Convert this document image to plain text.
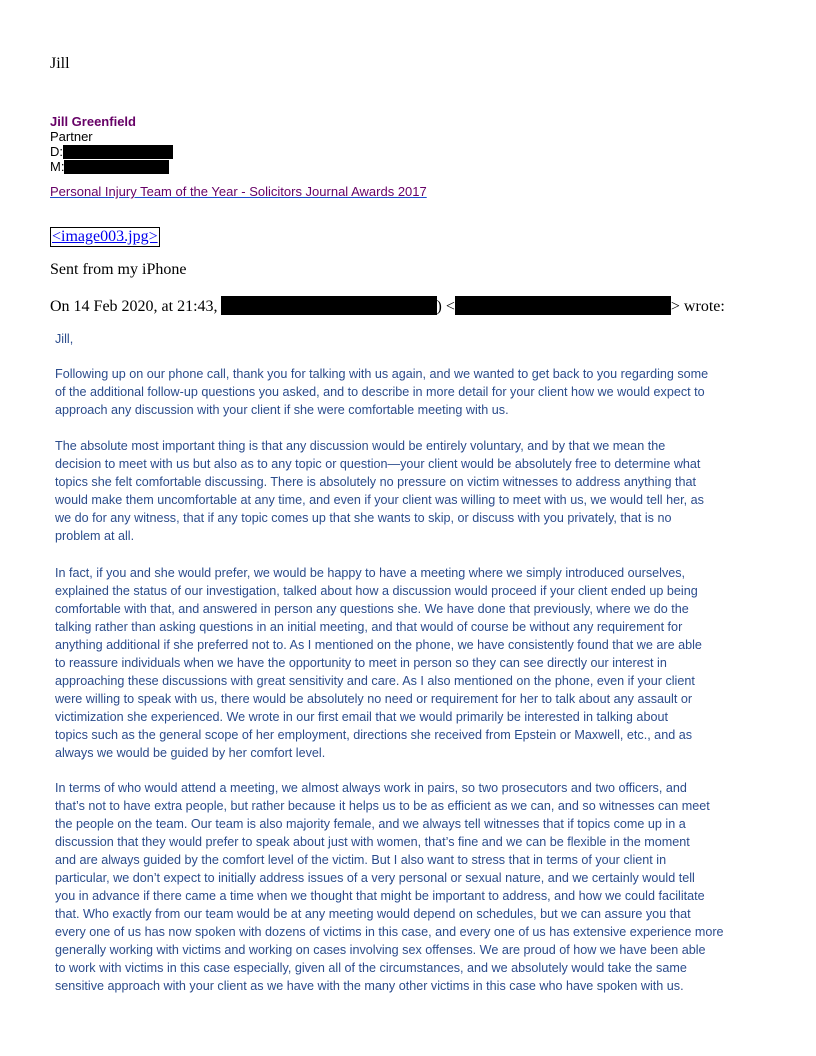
Jill
Jill Greenfield
Partner
D:
M:
Personal Injury Team of the Year - Solicitors Journal Awards 2017
<image003.jpg>
Sent from my iPhone
On 14 Feb 2020, at 21:43,	) <	> wrote:
Jill,
Following up on our phone call, thank you for talking with us again, and we wanted to get back to you regarding some
of the additional follow-up questions you asked, and to describe in more detail for your client how we would expect to
approach any discussion with your client if she were comfortable meeting with us.
The absolute most important thing is that any discussion would be entirely voluntary, and by that we mean the
decision to meet with us but also as to any topic or question—your client would be absolutely free to determine what
topics she felt comfortable discussing. There is absolutely no pressure on victim witnesses to address anything that
would make them uncomfortable at any time, and even if your client was willing to meet with us, we would tell her, as
we do for any witness, that if any topic comes up that she wants to skip, or discuss with you privately, that is no
problem at all.
In fact, if you and she would prefer, we would be happy to have a meeting where we simply introduced ourselves,
explained the status of our investigation, talked about how a discussion would proceed if your client ended up being
comfortable with that, and answered in person any questions she. We have done that previously, where we do the
talking rather than asking questions in an initial meeting, and that would of course be without any requirement for
anything additional if she preferred not to. As I mentioned on the phone, we have consistently found that we are able
to reassure individuals when we have the opportunity to meet in person so they can see directly our interest in
approaching these discussions with great sensitivity and care. As I also mentioned on the phone, even if your client
were willing to speak with us, there would be absolutely no need or requirement for her to talk about any assault or
victimization she experienced. We wrote in our first email that we would primarily be interested in talking about
topics such as the general scope of her employment, directions she received from Epstein or Maxwell, etc., and as
always we would be guided by her comfort level.
In terms of who would attend a meeting, we almost always work in pairs, so two prosecutors and two officers, and
that’s not to have extra people, but rather because it helps us to be as efficient as we can, and so witnesses can meet
the people on the team. Our team is also majority female, and we always tell witnesses that if topics come up in a
discussion that they would prefer to speak about just with women, that’s fine and we can be flexible in the moment
and are always guided by the comfort level of the victim. But I also want to stress that in terms of your client in
particular, we don’t expect to initially address issues of a very personal or sexual nature, and we certainly would tell
you in advance if there came a time when we thought that might be important to address, and how we could facilitate
that. Who exactly from our team would be at any meeting would depend on schedules, but we can assure you that
every one of us has now spoken with dozens of victims in this case, and every one of us has extensive experience more
generally working with victims and working on cases involving sex offenses. We are proud of how we have been able
to work with victims in this case especially, given all of the circumstances, and we absolutely would take the same
sensitive approach with your client as we have with the many other victims in this case who have spoken with us.
